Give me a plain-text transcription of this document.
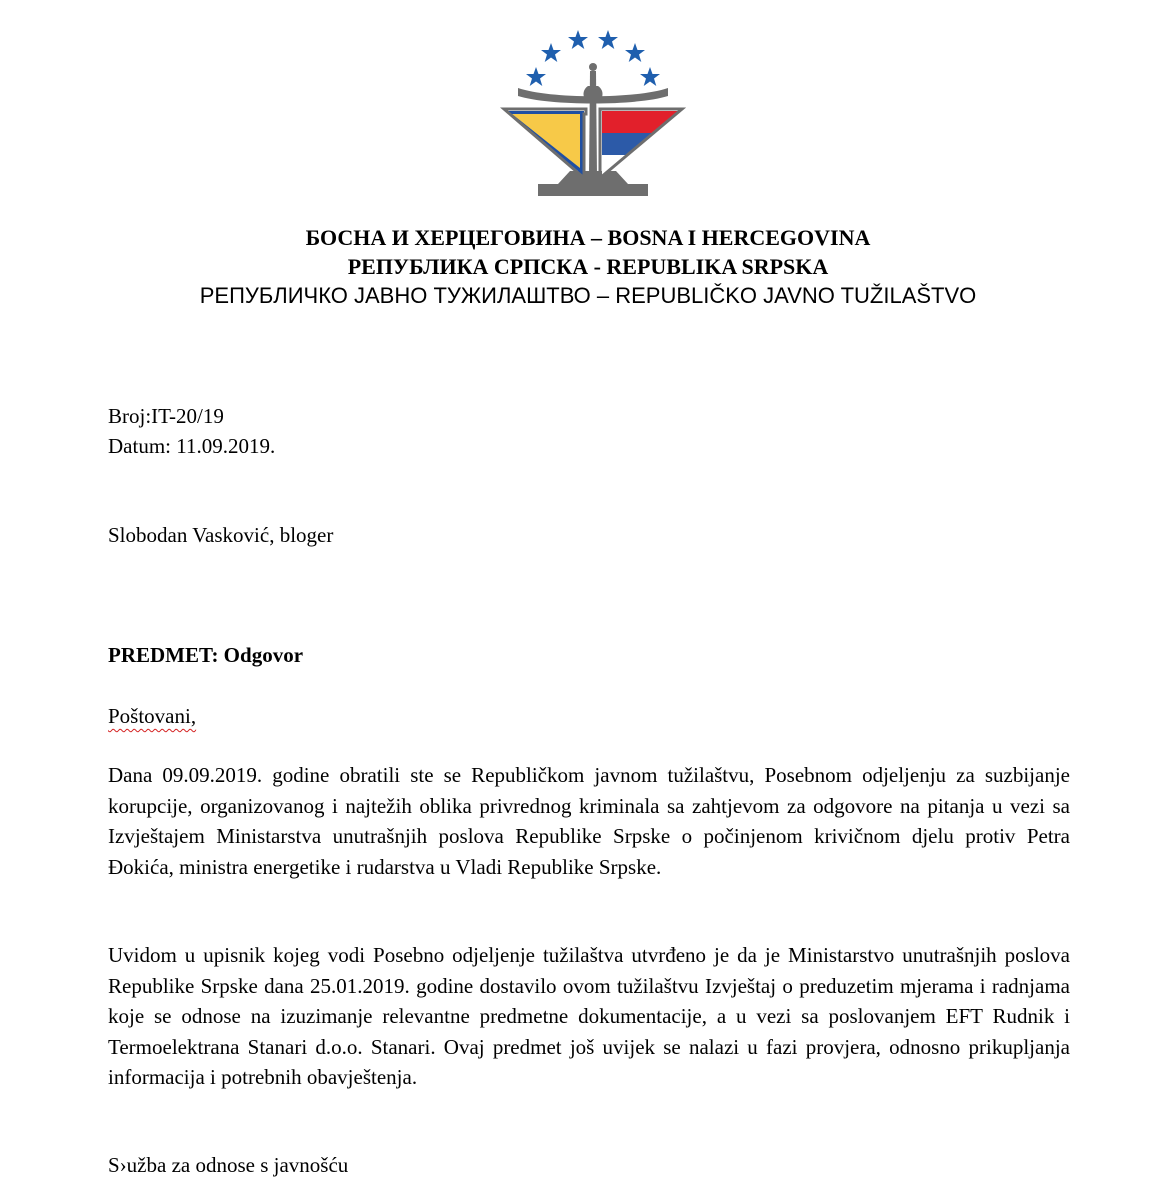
БОСНА И ХЕРЦЕГОВИНА – BOSNA I HERCEGOVINA
РЕПУБЛИКА СРПСКА - REPUBLIKA SRPSKA
РЕПУБЛИЧКО ЈАВНО ТУЖИЛАШТВО – REPUBLIČKO JAVNO TUŽILAŠTVO
Broj:IT-20/19
Datum: 11.09.2019.
Slobodan Vasković, bloger
PREDMET: Odgovor
Poštovani,
Dana 09.09.2019. godine obratili ste se Republičkom javnom tužilaštvu, Posebnom odjeljenju za suzbijanje korupcije, organizovanog i najtežih oblika privrednog kriminala sa zahtjevom za odgovore na pitanja u vezi sa Izvještajem Ministarstva unutrašnjih poslova Republike Srpske o počinjenom krivičnom djelu protiv Petra Đokića, ministra energetike i rudarstva u Vladi Republike Srpske.
Uvidom u upisnik kojeg vodi Posebno odjeljenje tužilaštva utvrđeno je da je Ministarstvo unutrašnjih poslova Republike Srpske dana 25.01.2019. godine dostavilo ovom tužilaštvu Izvještaj o preduzetim mjerama i radnjama koje se odnose na izuzimanje relevantne predmetne dokumentacije, a u vezi sa poslovanjem EFT Rudnik i Termoelektrana Stanari d.o.o. Stanari. Ovaj predmet još uvijek se nalazi u fazi provjera, odnosno prikupljanja informacija i potrebnih obavještenja.
S›užba za odnose s javnošću
